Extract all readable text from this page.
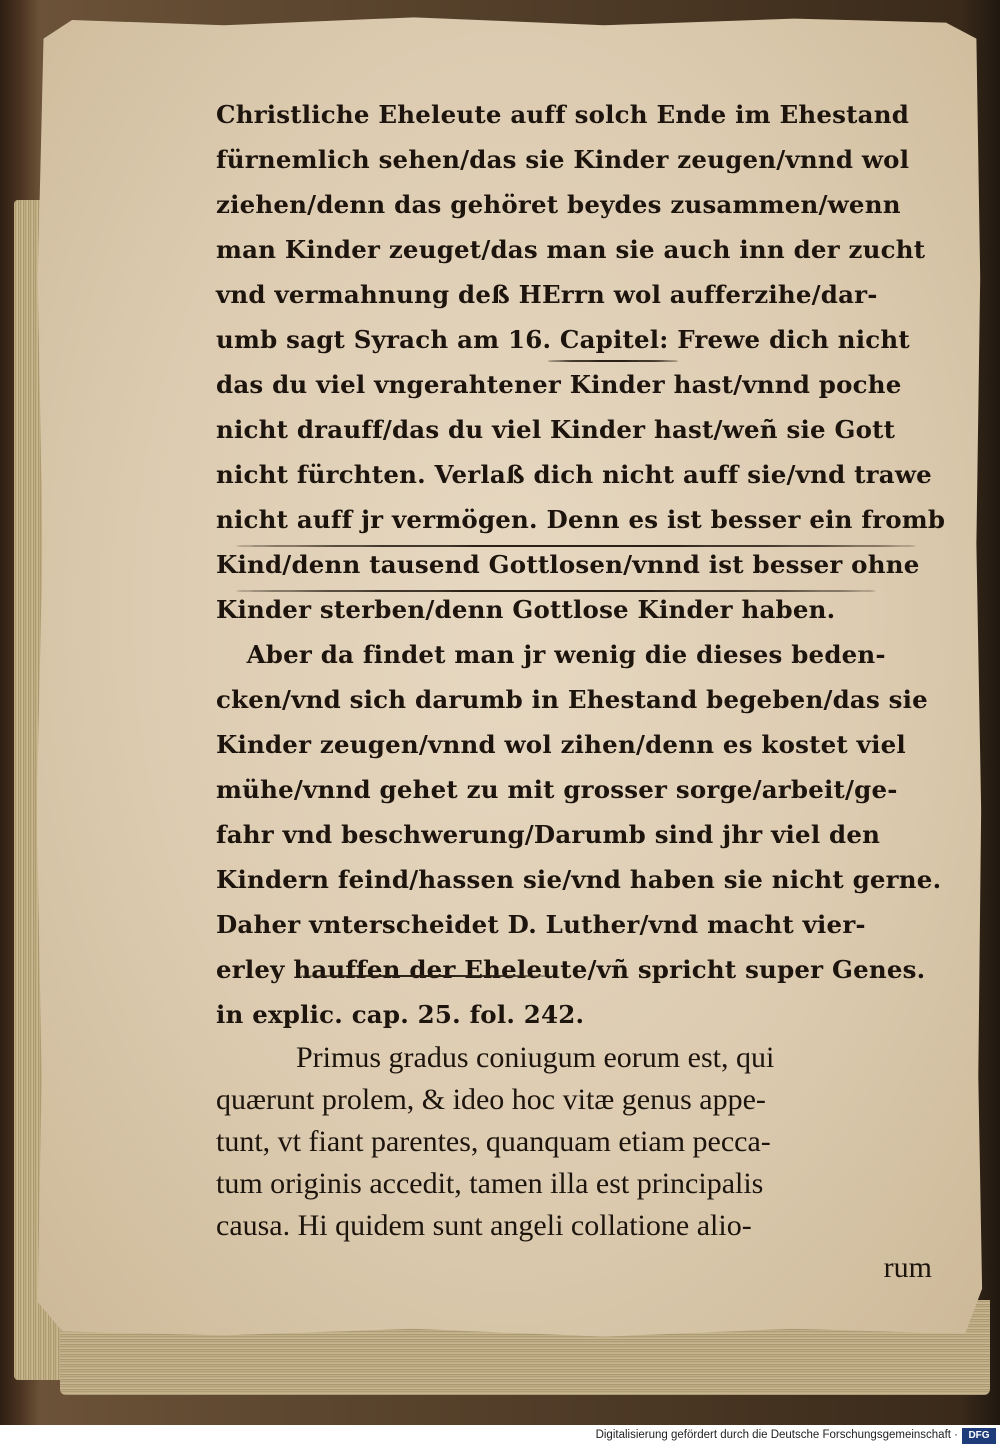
Christliche Eheleute auff solch Ende im Ehestand
fürnemlich sehen/das sie Kinder zeugen/vnnd wol
ziehen/denn das gehöret beydes zusammen/wenn
man Kinder zeuget/das man sie auch inn der zucht
vnd vermahnung deß HErrn wol aufferzihe/dar-
umb sagt Syrach am 16. Capitel: Frewe dich nicht
das du viel vngerahtener Kinder hast/vnnd poche
nicht drauff/das du viel Kinder hast/weñ sie Gott
nicht fürchten. Verlaß dich nicht auff sie/vnd trawe
nicht auff jr vermögen. Denn es ist besser ein fromb
Kind/denn tausend Gottlosen/vnnd ist besser ohne
Kinder sterben/denn Gottlose Kinder haben.
Aber da findet man jr wenig die dieses beden-
cken/vnd sich darumb in Ehestand begeben/das sie
Kinder zeugen/vnnd wol zihen/denn es kostet viel
mühe/vnnd gehet zu mit grosser sorge/arbeit/ge-
fahr vnd beschwerung/Darumb sind jhr viel den
Kindern feind/hassen sie/vnd haben sie nicht gerne.
Daher vnterscheidet D. Luther/vnd macht vier-
erley hauffen der Eheleute/vñ spricht super Genes.
in explic. cap. 25. fol. 242.
Primus gradus coniugum eorum est, qui
quærunt prolem, & ideo hoc vitæ genus appe-
tunt, vt fiant parentes, quanquam etiam pecca-
tum originis accedit, tamen illa est principalis
causa. Hi quidem sunt angeli collatione alio-
rum
Digitalisierung gefördert durch die Deutsche Forschungsgemeinschaft ·	DFG
